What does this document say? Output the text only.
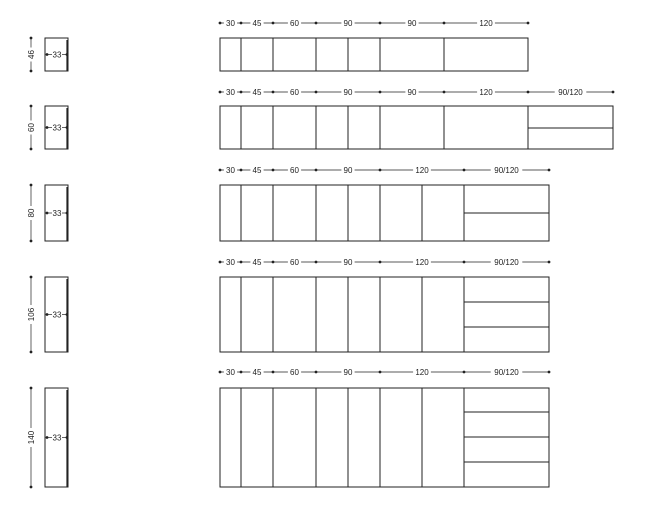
33
46
30 45	60	90	90	120
33
60
30 45	60	90	90	120	90/120
33
80
30 45	60	90	120	90/120
33
106
30 45	60	90	120	90/120
33
140
30 45	60	90	120	90/120
